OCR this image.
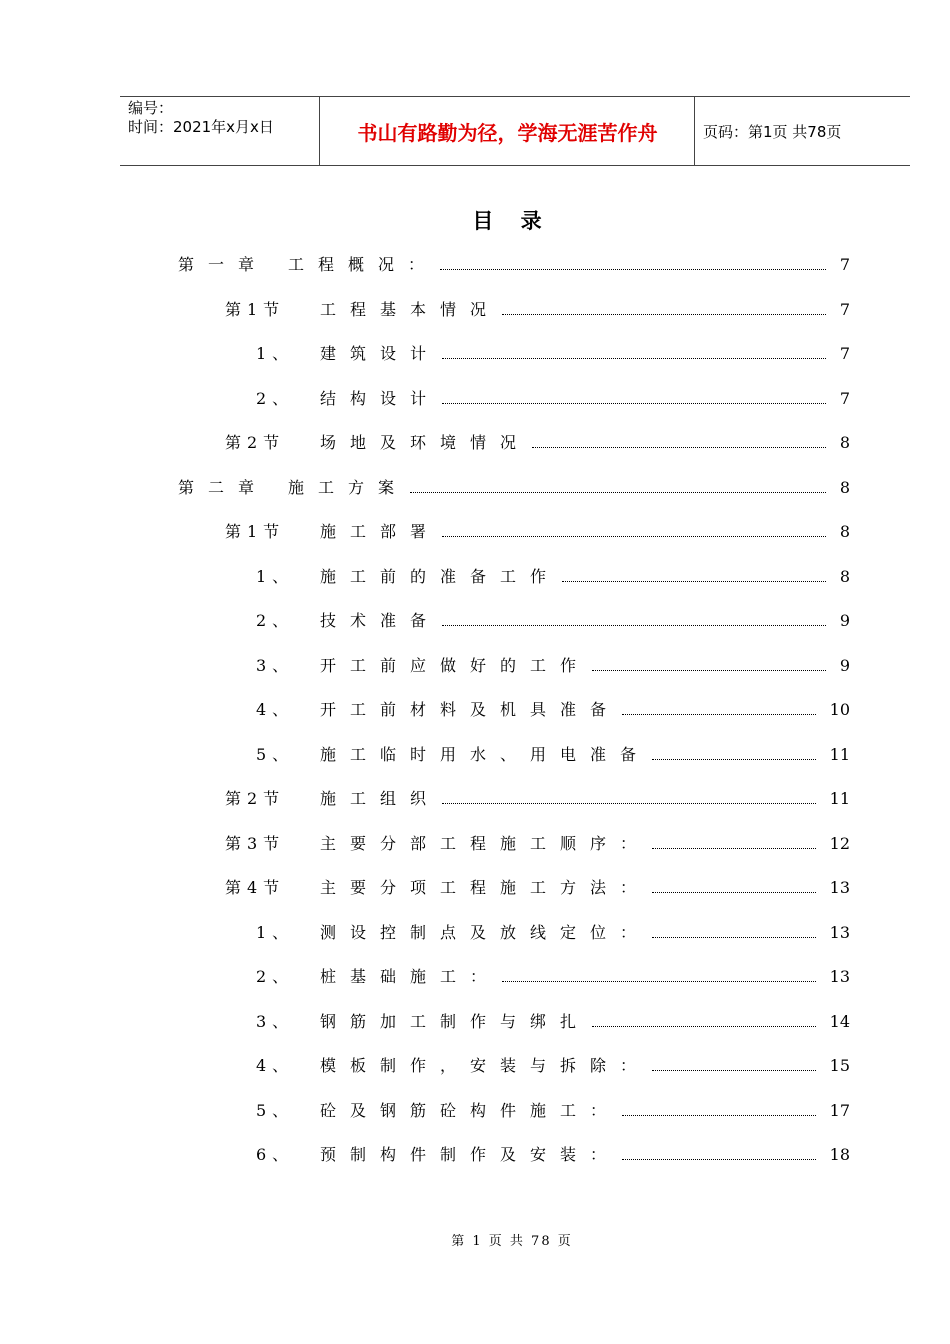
编号：
时间：2021年x月x日	书山有路勤为径，学海无涯苦作舟	页码：第1页 共78页
目 录
第一章 工程概况：	7
第1节 工程基本情况	7
1、 建筑设计	7
2、 结构设计	7
第2节 场地及环境情况	8
第二章 施工方案	8
第1节 施工部署	8
1、 施工前的准备工作	8
2、 技术准备	9
3、 开工前应做好的工作	9
4、 开工前材料及机具准备	10
5、 施工临时用水、用电准备	11
第2节 施工组织	11
第3节 主要分部工程施工顺序：	12
第4节 主要分项工程施工方法：	13
1、 测设控制点及放线定位：	13
2、 桩基础施工：	13
3、 钢筋加工制作与绑扎	14
4、 模板制作，安装与拆除：	15
5、 砼及钢筋砼构件施工：	17
6、 预制构件制作及安装：	18
第 1 页 共 78 页
